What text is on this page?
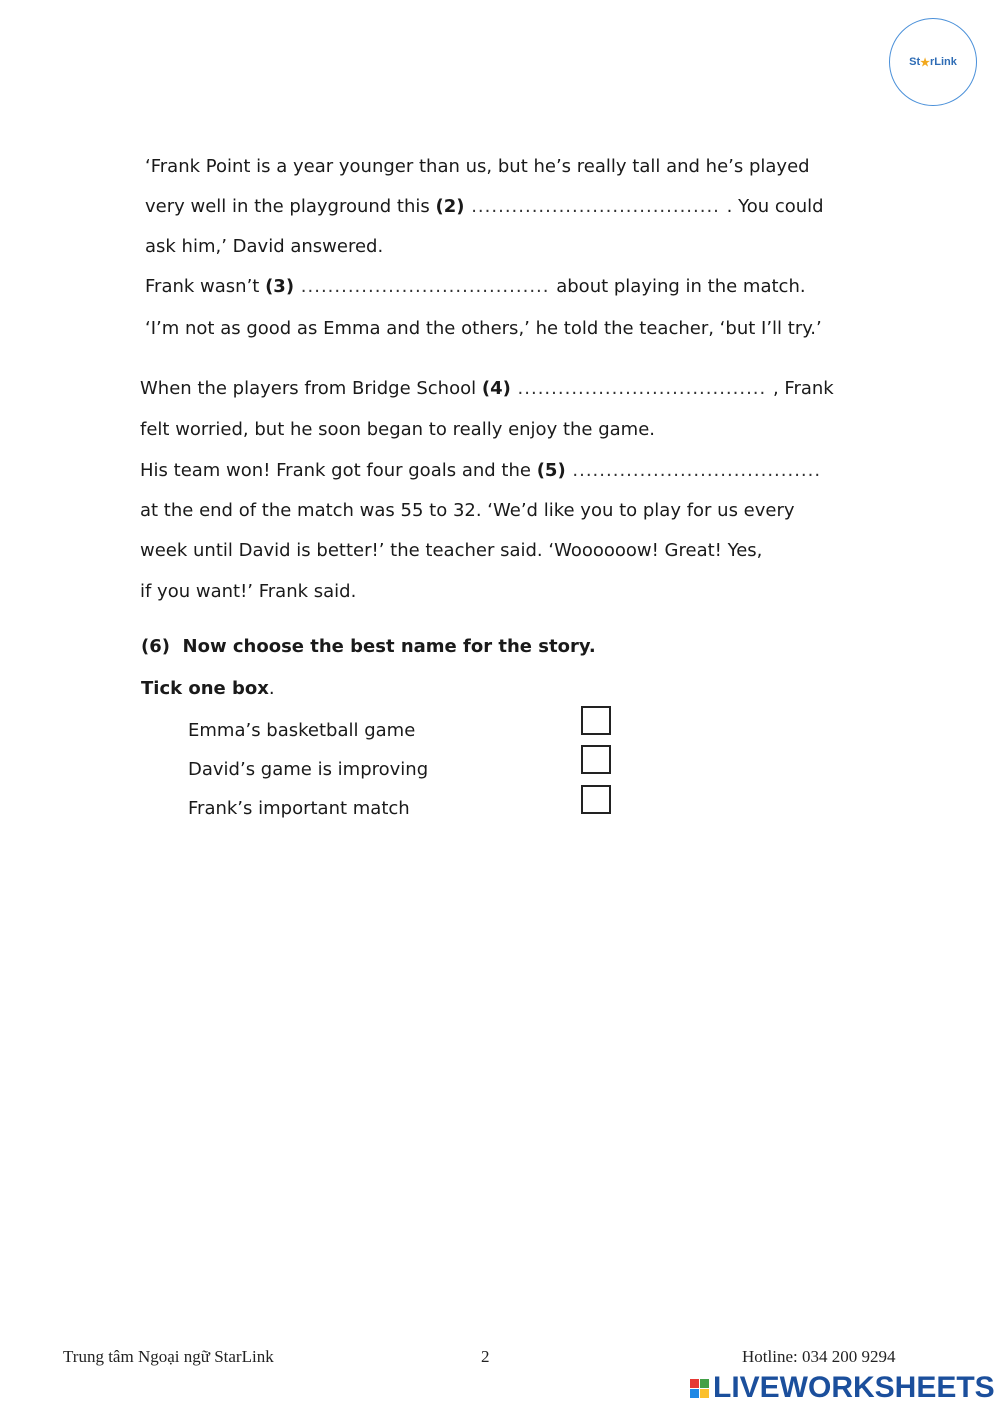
St ★ rLink
‘Frank Point is a year younger than us, but he’s really tall and he’s played
very well in the playground this (2) ..................................... . You could
ask him,’ David answered.
Frank wasn’t (3) ..................................... about playing in the match.
‘I’m not as good as Emma and the others,’ he told the teacher, ‘but I’ll try.’
When the players from Bridge School (4) ..................................... , Frank
felt worried, but he soon began to really enjoy the game.
His team won! Frank got four goals and the (5) .....................................
at the end of the match was 55 to 32. ‘We’d like you to play for us every
week until David is better!’ the teacher said. ‘Woooooow! Great! Yes,
if you want!’ Frank said.
(6) Now choose the best name for the story.
Tick one box.
Emma’s basketball game
David’s game is improving
Frank’s important match
Trung tâm Ngoại ngữ StarLink	2	Hotline: 034 200 9294
LIVEWORKSHEETS
